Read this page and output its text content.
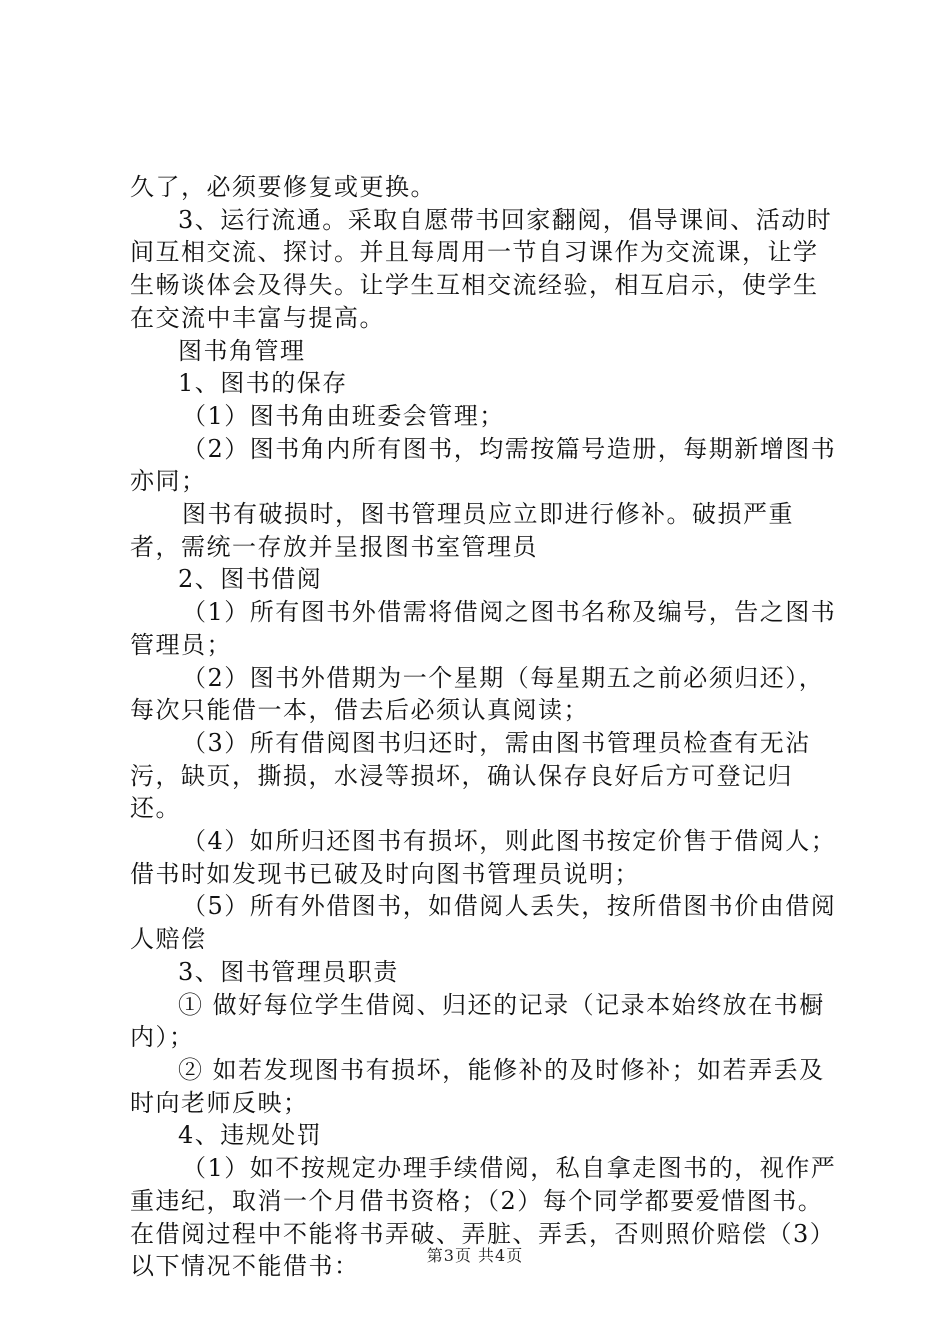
久了，必须要修复或更换。

3、运行流通。采取自愿带书回家翻阅，倡导课间、活动时间互相交流、探讨。并且每周用一节自习课作为交流课，让学生畅谈体会及得失。让学生互相交流经验，相互启示，使学生在交流中丰富与提高。

图书角管理

1、图书的保存

（1）图书角由班委会管理；

（2）图书角内所有图书，均需按篇号造册，每期新增图书亦同；

图书有破损时，图书管理员应立即进行修补。破损严重者，需统一存放并呈报图书室管理员

2、图书借阅

（1）所有图书外借需将借阅之图书名称及编号，告之图书管理员；

（2）图书外借期为一个星期（每星期五之前必须归还），每次只能借一本，借去后必须认真阅读；

（3）所有借阅图书归还时，需由图书管理员检查有无沾污，缺页，撕损，水浸等损坏，确认保存良好后方可登记归还。

（4）如所归还图书有损坏，则此图书按定价售于借阅人；借书时如发现书已破及时向图书管理员说明；

（5）所有外借图书，如借阅人丢失，按所借图书价由借阅人赔偿

3、图书管理员职责

① 做好每位学生借阅、归还的记录（记录本始终放在书橱内）；

② 如若发现图书有损坏，能修补的及时修补；如若弄丢及时向老师反映；

4、违规处罚

（1）如不按规定办理手续借阅，私自拿走图书的，视作严重违纪，取消一个月借书资格；（2）每个同学都要爱惜图书。在借阅过程中不能将书弄破、弄脏、弄丢，否则照价赔偿（3）以下情况不能借书：	第3页 共4页
